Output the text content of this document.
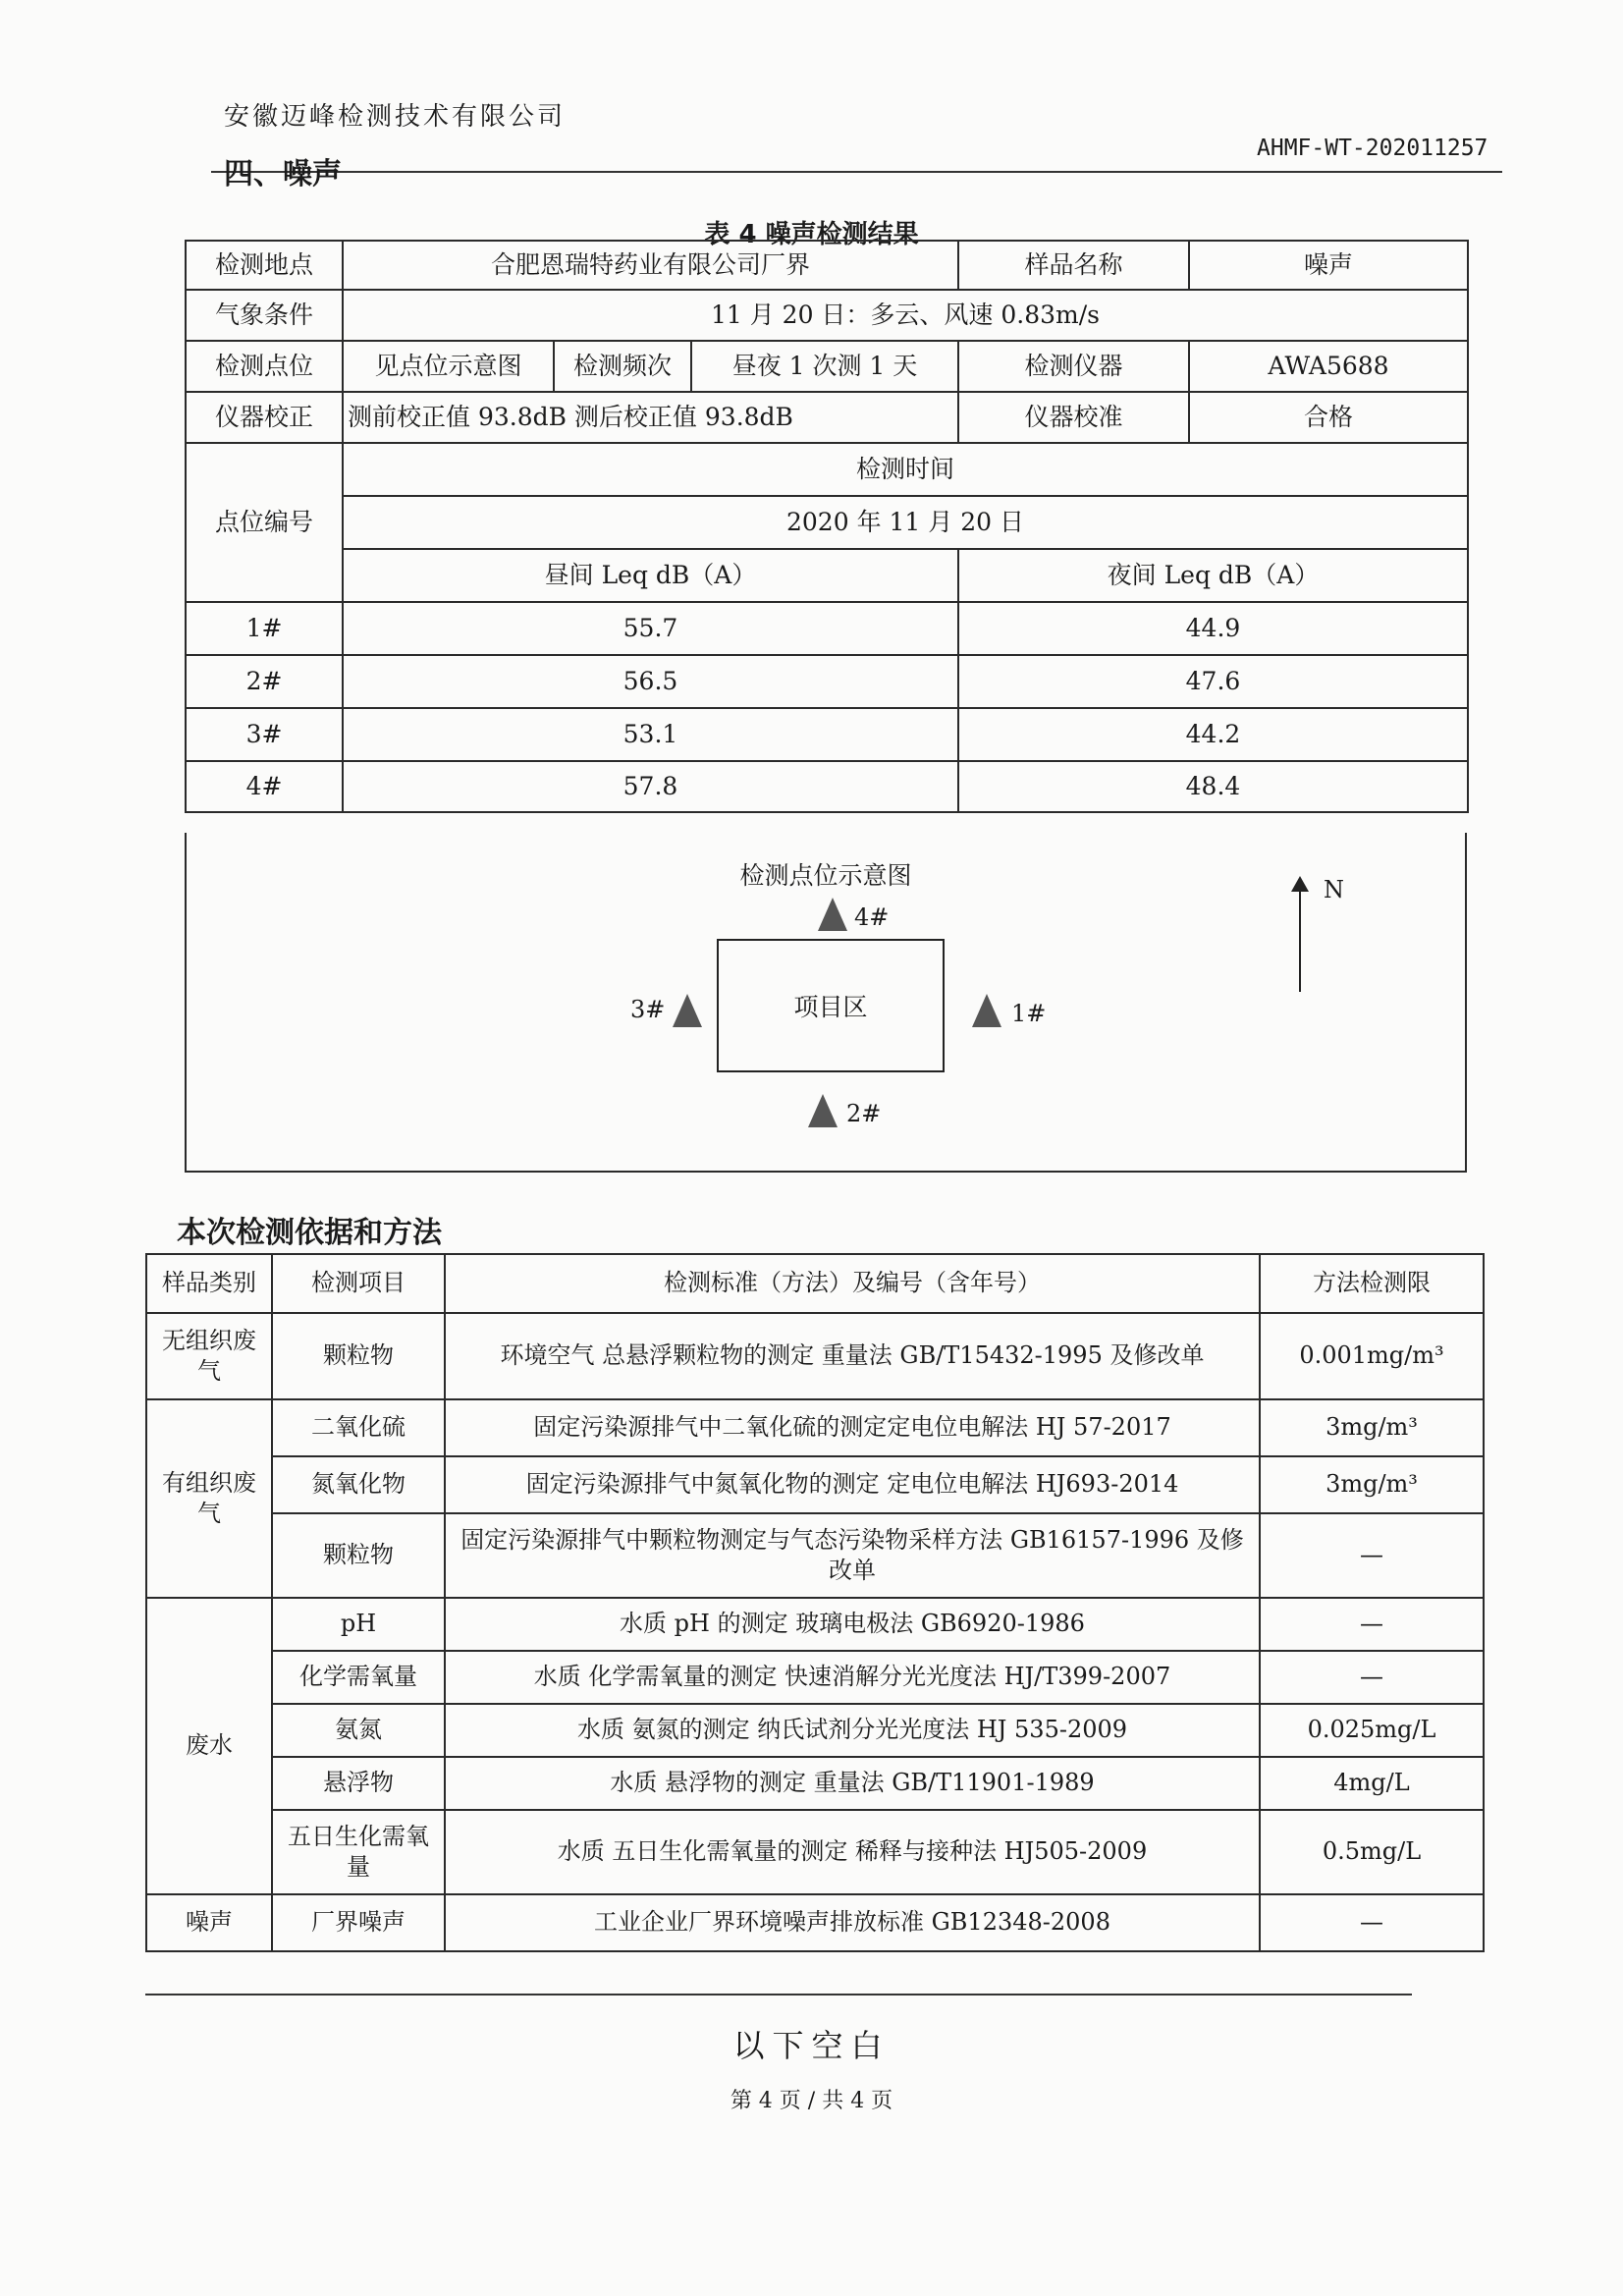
安徽迈峰检测技术有限公司
AHMF-WT-202011257
四、噪声
表 4 噪声检测结果
检测地点	合肥恩瑞特药业有限公司厂界			样品名称	噪声
气象条件	11 月 20 日：多云、风速 0.83m/s				
检测点位	见点位示意图	检测频次	昼夜 1 次测 1 天	检测仪器	AWA5688
仪器校正	测前校正值 93.8dB 测后校正值 93.8dB			仪器校准	合格
点位编号	检测时间				
	2020 年 11 月 20 日				
	昼间 Leq dB（A）			夜间 Leq dB（A）	
1#	55.7			44.9	
2#	56.5			47.6	
3#	53.1			44.2	
4#	57.8			48.4	
检测点位示意图
项目区
4#
1#
3#
2#
N
本次检测依据和方法
样品类别	检测项目	检测标准（方法）及编号（含年号）	方法检测限
无组织废气	颗粒物	环境空气 总悬浮颗粒物的测定 重量法 GB/T15432-1995 及修改单	0.001mg/m³
有组织废气	二氧化硫	固定污染源排气中二氧化硫的测定定电位电解法 HJ 57-2017	3mg/m³
	氮氧化物	固定污染源排气中氮氧化物的测定 定电位电解法 HJ693-2014	3mg/m³
	颗粒物	固定污染源排气中颗粒物测定与气态污染物采样方法 GB16157-1996 及修改单	—
废水	pH	水质 pH 的测定 玻璃电极法 GB6920-1986	—
	化学需氧量	水质 化学需氧量的测定 快速消解分光光度法 HJ/T399-2007	—
	氨氮	水质 氨氮的测定 纳氏试剂分光光度法 HJ 535-2009	0.025mg/L
	悬浮物	水质 悬浮物的测定 重量法 GB/T11901-1989	4mg/L
	五日生化需氧量	水质 五日生化需氧量的测定 稀释与接种法 HJ505-2009	0.5mg/L
噪声	厂界噪声	工业企业厂界环境噪声排放标准 GB12348-2008	—
以下空白
第 4 页 / 共 4 页
